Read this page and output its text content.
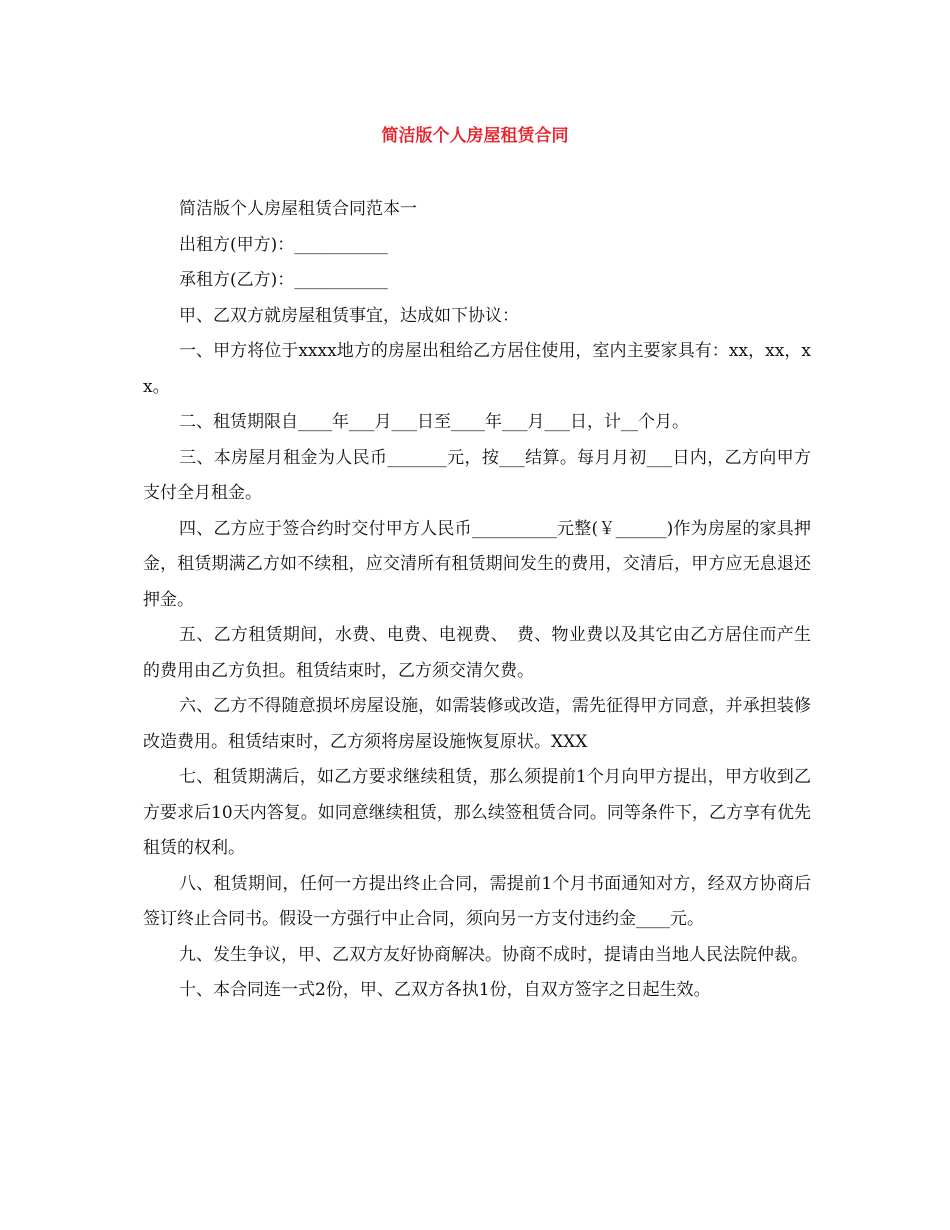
简洁版个人房屋租赁合同

简洁版个人房屋租赁合同范本一

出租方(甲方)：___________

承租方(乙方)：___________

甲、乙双方就房屋租赁事宜，达成如下协议：

一、甲方将位于xxxx地方的房屋出租给乙方居住使用，室内主要家具有：xx，xx，xx。

二、租赁期限自____年___月___日至____年___月___日，计__个月。

三、本房屋月租金为人民币_______元，按___结算。每月月初___日内，乙方向甲方支付全月租金。

四、乙方应于签合约时交付甲方人民币__________元整(￥______)作为房屋的家具押金，租赁期满乙方如不续租，应交清所有租赁期间发生的费用，交清后，甲方应无息退还押金。

五、乙方租赁期间，水费、电费、电视费、　费、物业费以及其它由乙方居住而产生的费用由乙方负担。租赁结束时，乙方须交清欠费。

六、乙方不得随意损坏房屋设施，如需装修或改造，需先征得甲方同意，并承担装修改造费用。租赁结束时，乙方须将房屋设施恢复原状。XXX

七、租赁期满后，如乙方要求继续租赁，那么须提前1个月向甲方提出，甲方收到乙方要求后10天内答复。如同意继续租赁，那么续签租赁合同。同等条件下，乙方享有优先租赁的权利。

八、租赁期间，任何一方提出终止合同，需提前1个月书面通知对方，经双方协商后签订终止合同书。假设一方强行中止合同，须向另一方支付违约金____元。

九、发生争议，甲、乙双方友好协商解决。协商不成时，提请由当地人民法院仲裁。

十、本合同连一式2份，甲、乙双方各执1份，自双方签字之日起生效。
